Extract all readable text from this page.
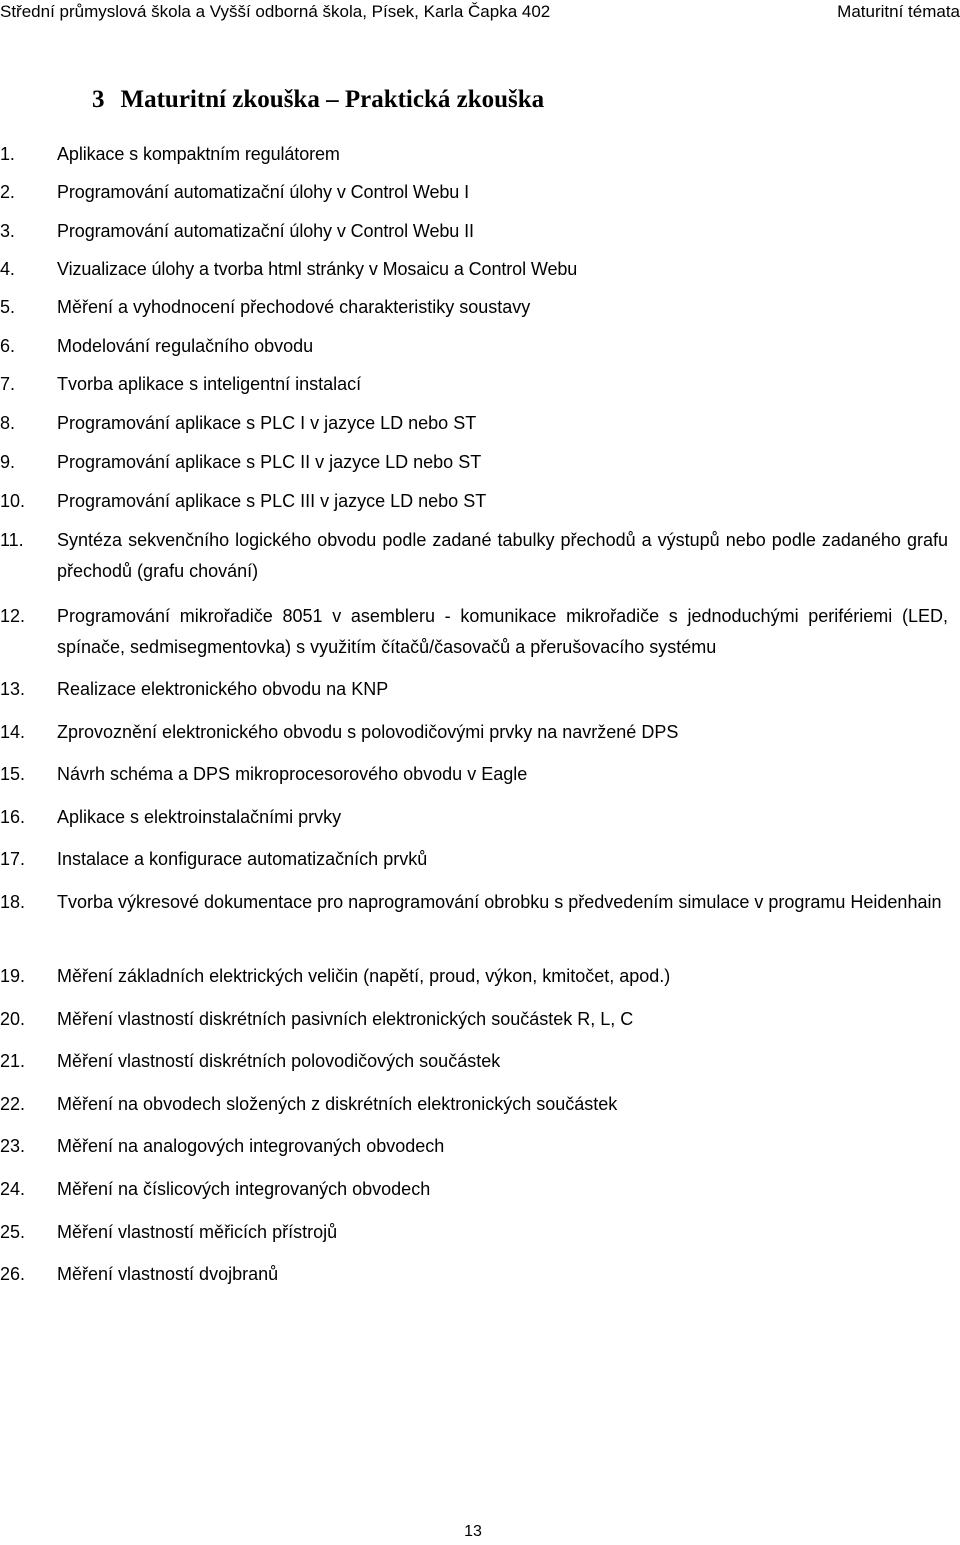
Střední průmyslová škola a Vyšší odborná škola, Písek, Karla Čapka 402	Maturitní témata
3 Maturitní zkouška – Praktická zkouška
1. Aplikace s kompaktním regulátorem
2. Programování automatizační úlohy v Control Webu I
3. Programování automatizační úlohy v Control Webu II
4. Vizualizace úlohy a tvorba html stránky v Mosaicu a Control Webu
5. Měření a vyhodnocení přechodové charakteristiky soustavy
6. Modelování regulačního obvodu
7. Tvorba aplikace s inteligentní instalací
8. Programování aplikace s PLC I v jazyce LD nebo ST
9. Programování aplikace s PLC II v jazyce LD nebo ST
10. Programování aplikace s PLC III v jazyce LD nebo ST
11. Syntéza sekvenčního logického obvodu podle zadané tabulky přechodů a výstupů nebo podle zadaného grafu přechodů (grafu chování)
12. Programování mikrořadiče 8051 v asembleru - komunikace mikrořadiče s jednoduchými perifériemi (LED, spínače, sedmisegmentovka) s využitím čítačů/časovačů a přerušovacího systému
13. Realizace elektronického obvodu na KNP
14. Zprovoznění elektronického obvodu s polovodičovými prvky na navržené DPS
15. Návrh schéma a DPS mikroprocesorového obvodu v Eagle
16. Aplikace s elektroinstalačními prvky
17. Instalace a konfigurace automatizačních prvků
18. Tvorba výkresové dokumentace pro naprogramování obrobku s předvedením simulace v programu Heidenhain
19. Měření základních elektrických veličin (napětí, proud, výkon, kmitočet, apod.)
20. Měření vlastností diskrétních pasivních elektronických součástek R, L, C
21. Měření vlastností diskrétních polovodičových součástek
22. Měření na obvodech složených z diskrétních elektronických součástek
23. Měření na analogových integrovaných obvodech
24. Měření na číslicových integrovaných obvodech
25. Měření vlastností měřicích přístrojů
26. Měření vlastností dvojbranů
13
